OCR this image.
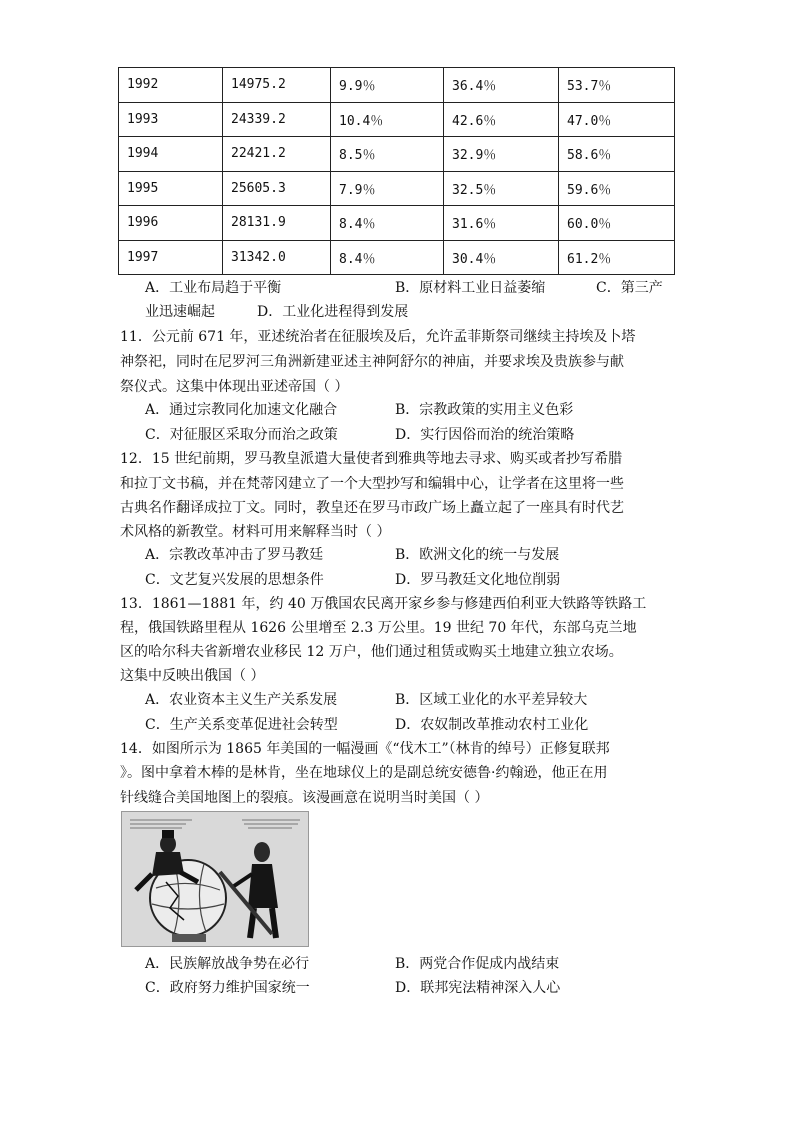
1992	14975.2	9.9％	36.4％	53.7％
1993	24339.2	10.4％	42.6％	47.0％
1994	22421.2	8.5％	32.9％	58.6％
1995	25605.3	7.9％	32.5％	59.6％
1996	28131.9	8.4％	31.6％	60.0％
1997	31342.0	8.4％	30.4％	61.2％
A．工业布局趋于平衡	B．原材料工业日益萎缩	C．第三产
业迅速崛起	D．工业化进程得到发展
11．公元前 671 年，亚述统治者在征服埃及后，允许孟菲斯祭司继续主持埃及卜塔
神祭祀，同时在尼罗河三角洲新建亚述主神阿舒尔的神庙，并要求埃及贵族参与献
祭仪式。这集中体现出亚述帝国（ ）
A．通过宗教同化加速文化融合	B．宗教政策的实用主义色彩
C．对征服区采取分而治之政策	D．实行因俗而治的统治策略
12．15 世纪前期，罗马教皇派遣大量使者到雅典等地去寻求、购买或者抄写希腊
和拉丁文书稿，并在梵蒂冈建立了一个大型抄写和编辑中心，让学者在这里将一些
古典名作翻译成拉丁文。同时，教皇还在罗马市政广场上矗立起了一座具有时代艺
术风格的新教堂。材料可用来解释当时（ ）
A．宗教改革冲击了罗马教廷	B．欧洲文化的统一与发展
C．文艺复兴发展的思想条件	D．罗马教廷文化地位削弱
13．1861—1881 年，约 40 万俄国农民离开家乡参与修建西伯利亚大铁路等铁路工
程，俄国铁路里程从 1626 公里增至 2.3 万公里。19 世纪 70 年代，东部乌克兰地
区的哈尔科夫省新增农业移民 12 万户，他们通过租赁或购买土地建立独立农场。
这集中反映出俄国（ ）
A．农业资本主义生产关系发展	B．区域工业化的水平差异较大
C．生产关系变革促进社会转型	D．农奴制改革推动农村工业化
14．如图所示为 1865 年美国的一幅漫画《“伐木工”（林肯的绰号）正修复联邦
》。图中拿着木棒的是林肯，坐在地球仪上的是副总统安德鲁·约翰逊，他正在用
针线缝合美国地图上的裂痕。该漫画意在说明当时美国（ ）
A．民族解放战争势在必行	B．两党合作促成内战结束
C．政府努力维护国家统一	D．联邦宪法精神深入人心
